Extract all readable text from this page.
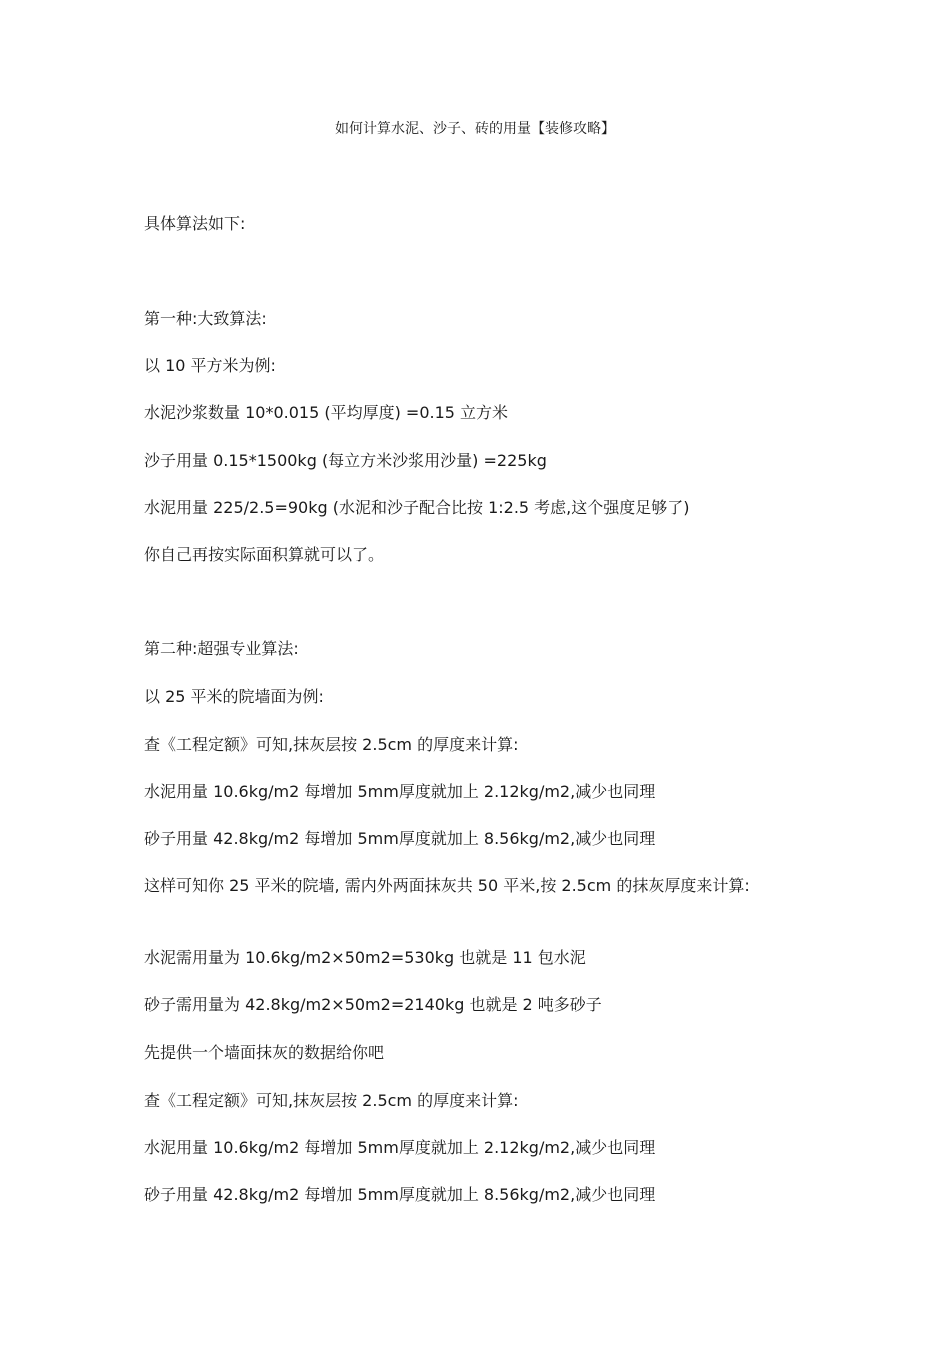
如何计算水泥、沙子、砖的用量【装修攻略】
具体算法如下:
第一种:大致算法:
以 10 平方米为例:
水泥沙浆数量 10*0.015 (平均厚度) =0.15 立方米
沙子用量 0.15*1500kg (每立方米沙浆用沙量) =225kg
水泥用量 225/2.5=90kg (水泥和沙子配合比按 1:2.5 考虑,这个强度足够了)
你自己再按实际面积算就可以了。
第二种:超强专业算法:
以 25 平米的院墙面为例:
查《工程定额》可知,抹灰层按 2.5cm 的厚度来计算:
水泥用量 10.6kg/m2 每增加 5mm厚度就加上 2.12kg/m2,减少也同理
砂子用量 42.8kg/m2 每增加 5mm厚度就加上 8.56kg/m2,减少也同理
这样可知你 25 平米的院墙, 需内外两面抹灰共 50 平米,按 2.5cm 的抹灰厚度来计算:
水泥需用量为 10.6kg/m2×50m2=530kg 也就是 11 包水泥
砂子需用量为 42.8kg/m2×50m2=2140kg 也就是 2 吨多砂子
先提供一个墙面抹灰的数据给你吧
查《工程定额》可知,抹灰层按 2.5cm 的厚度来计算:
水泥用量 10.6kg/m2 每增加 5mm厚度就加上 2.12kg/m2,减少也同理
砂子用量 42.8kg/m2 每增加 5mm厚度就加上 8.56kg/m2,减少也同理
